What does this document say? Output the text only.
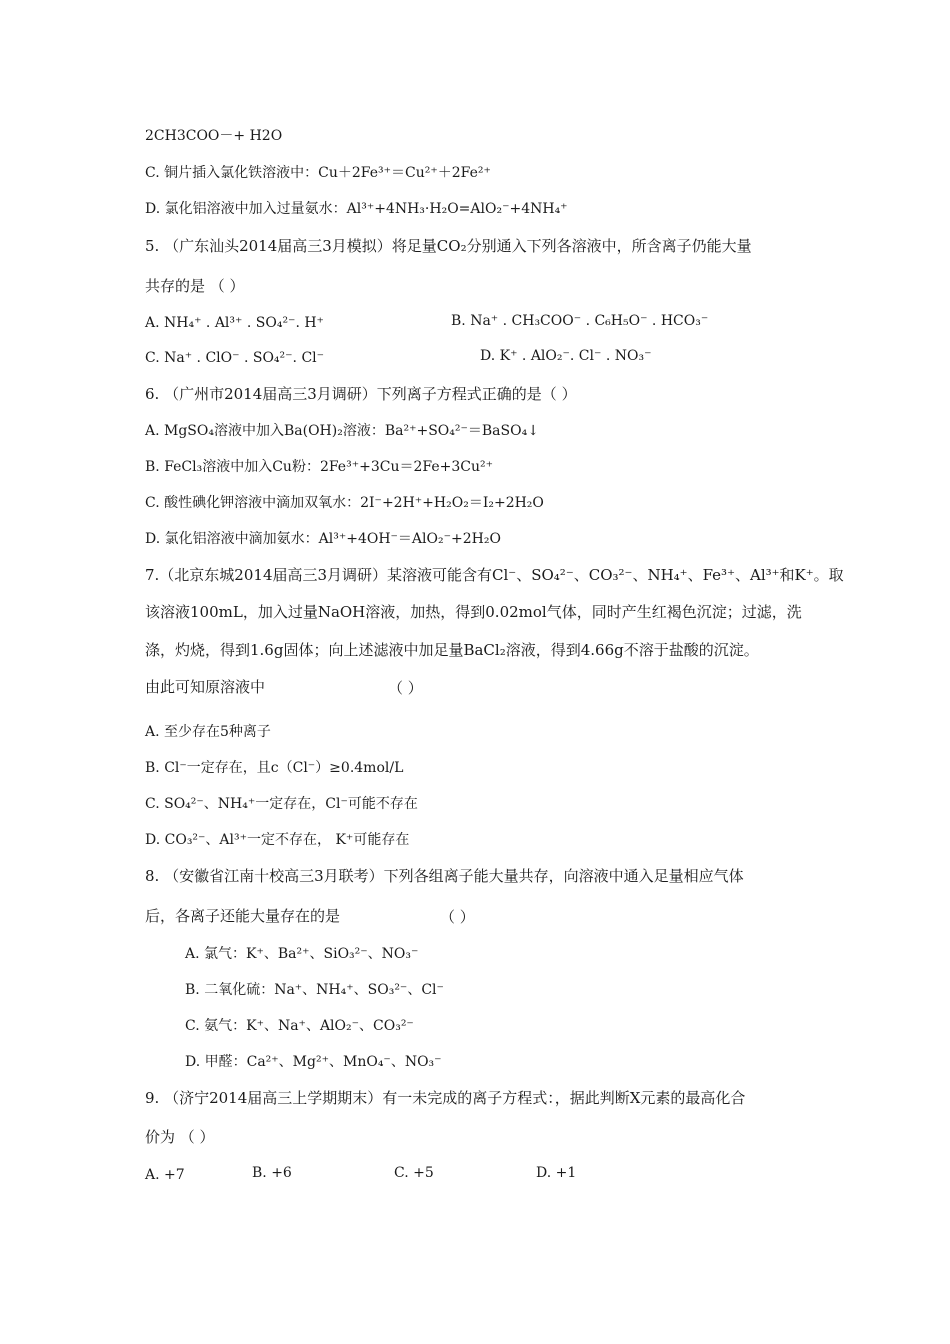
2CH3COO－+ H2O
C. 铜片插入氯化铁溶液中：Cu＋2Fe³⁺＝Cu²⁺＋2Fe²⁺
D. 氯化铝溶液中加入过量氨水：Al³⁺+4NH₃·H₂O=AlO₂⁻+4NH₄⁺
5. （广东汕头2014届高三3月模拟）将足量CO₂分别通入下列各溶液中，所含离子仍能大量
共存的是 （ ）
A. NH₄⁺ . Al³⁺ . SO₄²⁻. H⁺	B. Na⁺ . CH₃COO⁻ . C₆H₅O⁻ . HCO₃⁻
C. Na⁺ . ClO⁻ . SO₄²⁻. Cl⁻	D. K⁺ . AlO₂⁻. Cl⁻ . NO₃⁻
6. （广州市2014届高三3月调研）下列离子方程式正确的是（ ）
A. MgSO₄溶液中加入Ba(OH)₂溶液：Ba²⁺+SO₄²⁻＝BaSO₄↓
B. FeCl₃溶液中加入Cu粉：2Fe³⁺+3Cu＝2Fe+3Cu²⁺
C. 酸性碘化钾溶液中滴加双氧水：2I⁻+2H⁺+H₂O₂＝I₂+2H₂O
D. 氯化铝溶液中滴加氨水：Al³⁺+4OH⁻＝AlO₂⁻+2H₂O
7.（北京东城2014届高三3月调研）某溶液可能含有Cl⁻、SO₄²⁻、CO₃²⁻、NH₄⁺、Fe³⁺、Al³⁺和K⁺。取
该溶液100mL，加入过量NaOH溶液，加热，得到0.02mol气体，同时产生红褐色沉淀；过滤，洗
涤，灼烧，得到1.6g固体；向上述滤液中加足量BaCl₂溶液，得到4.66g不溶于盐酸的沉淀。
由此可知原溶液中	（ ）
A. 至少存在5种离子
B. Cl⁻一定存在，且c（Cl⁻）≥0.4mol/L
C. SO₄²⁻、NH₄⁺一定存在，Cl⁻可能不存在
D. CO₃²⁻、Al³⁺一定不存在， K⁺可能存在
8. （安徽省江南十校高三3月联考）下列各组离子能大量共存，向溶液中通入足量相应气体
后，各离子还能大量存在的是	（ ）
A. 氯气：K⁺、Ba²⁺、SiO₃²⁻、NO₃⁻
B. 二氧化硫：Na⁺、NH₄⁺、SO₃²⁻、Cl⁻
C. 氨气：K⁺、Na⁺、AlO₂⁻、CO₃²⁻
D. 甲醛：Ca²⁺、Mg²⁺、MnO₄⁻、NO₃⁻
9. （济宁2014届高三上学期期末）有一未完成的离子方程式：，据此判断X元素的最高化合
价为 （ ）
A. +7	B. +6	C. +5	D. +1
